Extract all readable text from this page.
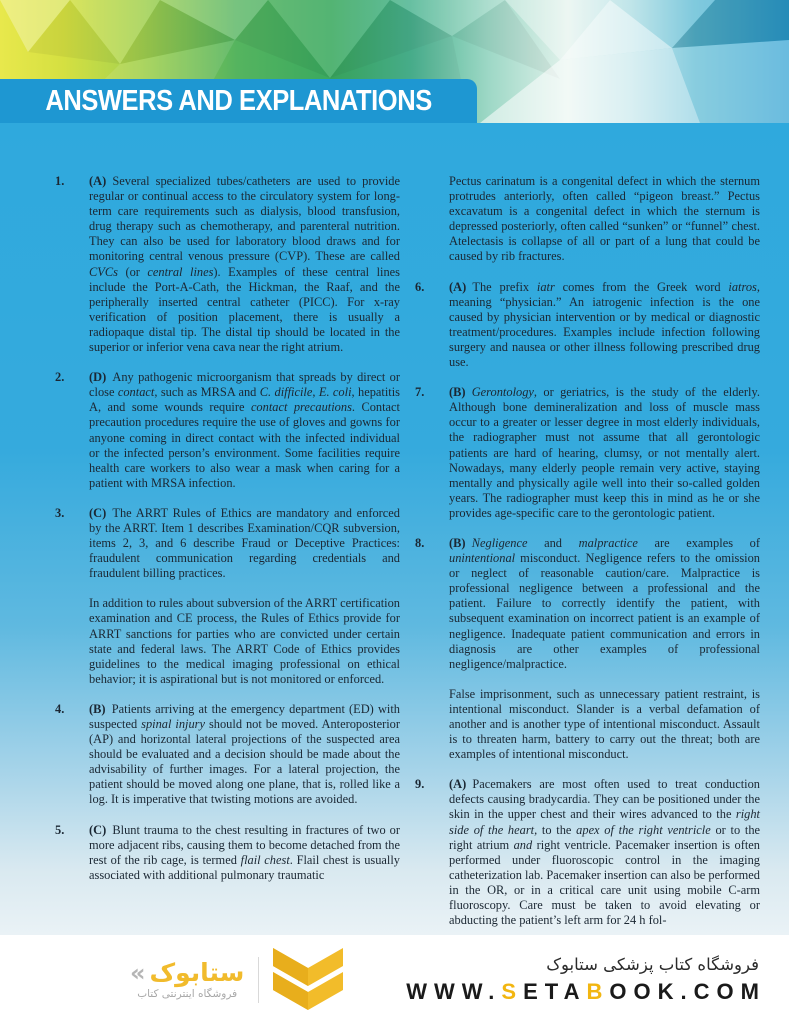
ANSWERS AND EXPLANATIONS

1. (A)  Several specialized tubes/catheters are used to provide regular or continual access to the circulatory system for long-term care requirements such as dialysis, blood transfusion, drug therapy such as chemotherapy, and parenteral nutrition. They can also be used for laboratory blood draws and for monitoring central venous pressure (CVP). These are called CVCs (or central lines). Examples of these central lines include the Port-A-Cath, the Hickman, the Raaf, and the peripherally inserted central catheter (PICC). For x-ray verification of position placement, there is usually a radiopaque distal tip. The distal tip should be located in the superior or inferior vena cava near the right atrium.

2. (D)  Any pathogenic microorganism that spreads by direct or close contact, such as MRSA and C. difficile, E. coli, hepatitis A, and some wounds require contact precautions. Contact precaution procedures require the use of gloves and gowns for anyone coming in direct contact with the infected individual or the infected person’s environment. Some facilities require health care workers to also wear a mask when caring for a patient with MRSA infection.

3. (C)  The ARRT Rules of Ethics are mandatory and enforced by the ARRT. Item 1 describes Examination/CQR subversion, items 2, 3, and 6 describe Fraud or Deceptive Practices: fraudulent communication regarding credentials and fraudulent billing practices.

In addition to rules about subversion of the ARRT certification examination and CE process, the Rules of Ethics provide for ARRT sanctions for parties who are convicted under certain state and federal laws. The ARRT Code of Ethics provides guidelines to the medical imaging professional on ethical behavior; it is aspirational but is not monitored or enforced.

4. (B)  Patients arriving at the emergency department (ED) with suspected spinal injury should not be moved. Anteroposterior (AP) and horizontal lateral projections of the suspected area should be evaluated and a decision should be made about the advisability of further images. For a lateral projection, the patient should be moved along one plane, that is, rolled like a log. It is imperative that twisting motions are avoided.

5. (C)  Blunt trauma to the chest resulting in fractures of two or more adjacent ribs, causing them to become detached from the rest of the rib cage, is termed flail chest. Flail chest is usually associated with additional pulmonary traumatic

Pectus carinatum is a congenital defect in which the sternum protrudes anteriorly, often called “pigeon breast.” Pectus excavatum is a congenital defect in which the sternum is depressed posteriorly, often called “sunken” or “funnel” chest. Atelectasis is collapse of all or part of a lung that could be caused by rib fractures.

6. (A)  The prefix iatr comes from the Greek word iatros, meaning “physician.” An iatrogenic infection is the one caused by physician intervention or by medical or diagnostic treatment/procedures. Examples include infection following surgery and nausea or other illness following prescribed drug use.

7. (B)  Gerontology, or geriatrics, is the study of the elderly. Although bone demineralization and loss of muscle mass occur to a greater or lesser degree in most elderly individuals, the radiographer must not assume that all gerontologic patients are hard of hearing, clumsy, or not mentally alert. Nowadays, many elderly people remain very active, staying mentally and physically agile well into their so-called golden years. The radiographer must keep this in mind as he or she provides age-specific care to the gerontologic patient.

8. (B)  Negligence and malpractice are examples of unintentional misconduct. Negligence refers to the omission or neglect of reasonable caution/care. Malpractice is professional negligence between a professional and the patient. Failure to correctly identify the patient, with subsequent examination on incorrect patient is an example of negligence. Inadequate patient communication and errors in diagnosis are other examples of professional negligence/malpractice.

False imprisonment, such as unnecessary patient restraint, is intentional misconduct. Slander is a verbal defamation of another and is another type of intentional misconduct. Assault is to threaten harm, battery to carry out the threat; both are examples of intentional misconduct.

9. (A)  Pacemakers are most often used to treat conduction defects causing bradycardia. They can be positioned under the skin in the upper chest and their wires advanced to the right side of the heart, to the apex of the right ventricle or to the right atrium and right ventricle. Pacemaker insertion is often performed under fluoroscopic control in the imaging catheterization lab. Pacemaker insertion can also be performed in the OR, or in a critical care unit using mobile C-arm fluoroscopy. Care must be taken to avoid elevating or abducting the patient’s left arm for 24 h fol-

« ستابوک
فروشگاه اینترنتی کتاب
فروشگاه کتاب پزشکی ستابوک
WWW.SETABOOK.COM
